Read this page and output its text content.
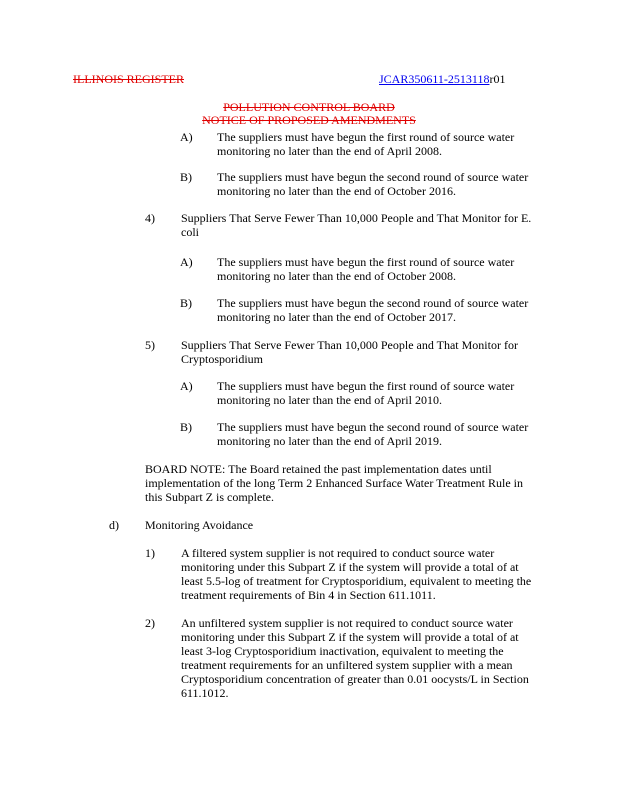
ILLINOIS REGISTER	JCAR350611-2513118r01
POLLUTION CONTROL BOARD
NOTICE OF PROPOSED AMENDMENTS
A) The suppliers must have begun the first round of source water
monitoring no later than the end of April 2008.
B) The suppliers must have begun the second round of source water
monitoring no later than the end of October 2016.
4) Suppliers That Serve Fewer Than 10,000 People and That Monitor for E.
coli
A) The suppliers must have begun the first round of source water
monitoring no later than the end of October 2008.
B) The suppliers must have begun the second round of source water
monitoring no later than the end of October 2017.
5) Suppliers That Serve Fewer Than 10,000 People and That Monitor for
Cryptosporidium
A) The suppliers must have begun the first round of source water
monitoring no later than the end of April 2010.
B) The suppliers must have begun the second round of source water
monitoring no later than the end of April 2019.
BOARD NOTE: The Board retained the past implementation dates until
implementation of the long Term 2 Enhanced Surface Water Treatment Rule in
this Subpart Z is complete.
d) Monitoring Avoidance
1) A filtered system supplier is not required to conduct source water
monitoring under this Subpart Z if the system will provide a total of at
least 5.5-log of treatment for Cryptosporidium, equivalent to meeting the
treatment requirements of Bin 4 in Section 611.1011.
2) An unfiltered system supplier is not required to conduct source water
monitoring under this Subpart Z if the system will provide a total of at
least 3-log Cryptosporidium inactivation, equivalent to meeting the
treatment requirements for an unfiltered system supplier with a mean
Cryptosporidium concentration of greater than 0.01 oocysts/L in Section
611.1012.
